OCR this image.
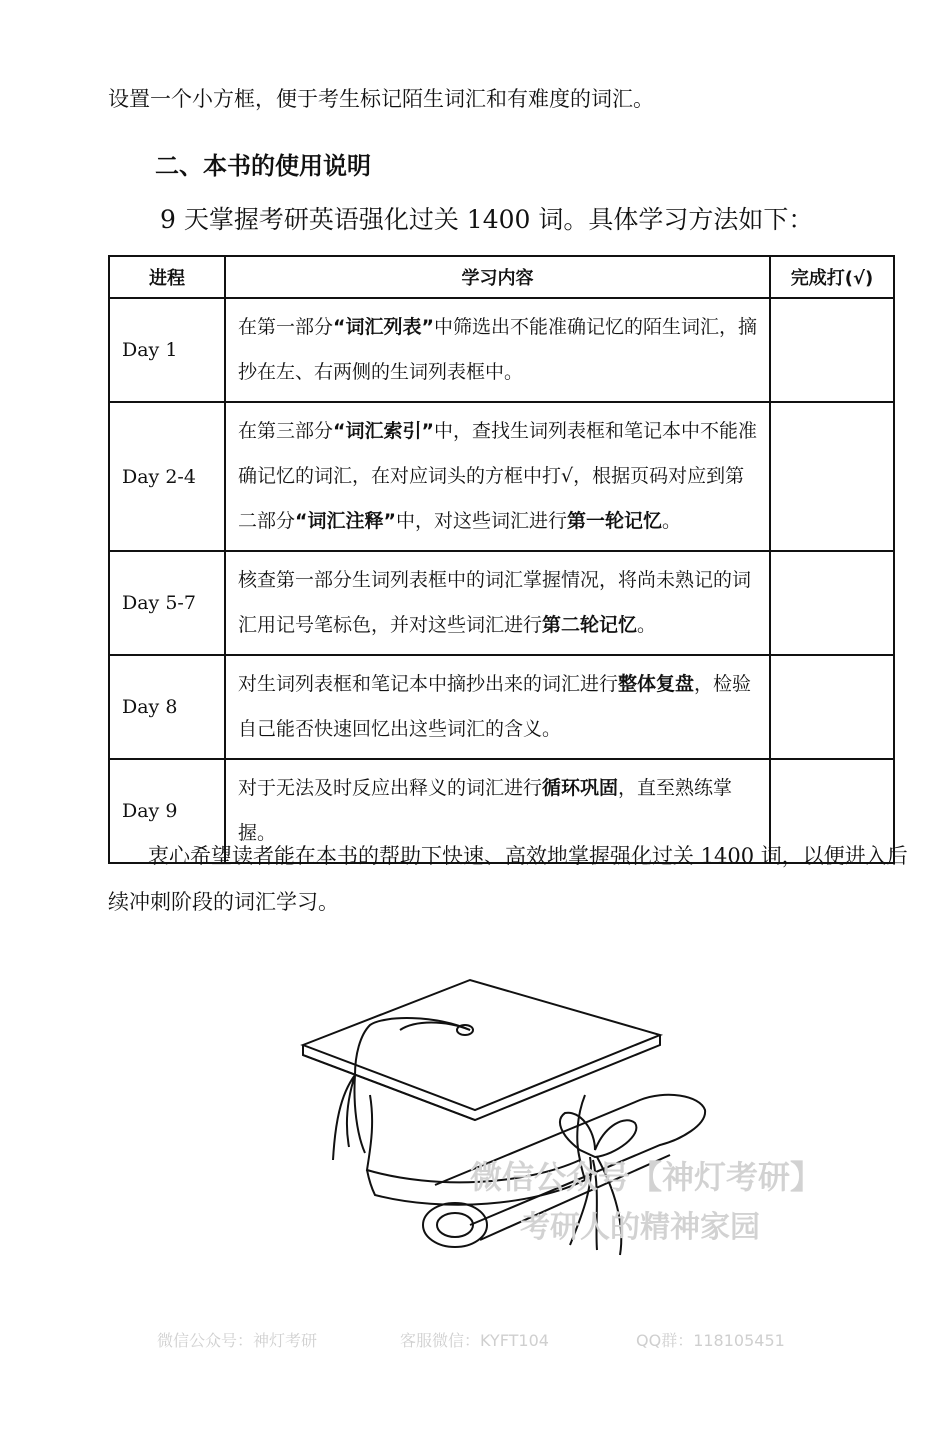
设置一个小方框，便于考生标记陌生词汇和有难度的词汇。

二、本书的使用说明

9 天掌握考研英语强化过关 1400 词。具体学习方法如下：

进程	学习内容	完成打(√)
Day 1	在第一部分“词汇列表”中筛选出不能准确记忆的陌生词汇，摘抄在左、右两侧的生词列表框中。	
Day 2-4	在第三部分“词汇索引”中，查找生词列表框和笔记本中不能准确记忆的词汇，在对应词头的方框中打√，根据页码对应到第二部分“词汇注释”中，对这些词汇进行第一轮记忆。	
Day 5-7	核查第一部分生词列表框中的词汇掌握情况，将尚未熟记的词汇用记号笔标色，并对这些词汇进行第二轮记忆。	
Day 8	对生词列表框和笔记本中摘抄出来的词汇进行整体复盘，检验自己能否快速回忆出这些词汇的含义。	
Day 9	对于无法及时反应出释义的词汇进行循环巩固，直至熟练掌握。	

衷心希望读者能在本书的帮助下快速、高效地掌握强化过关 1400 词，以便进入后续冲刺阶段的词汇学习。

微信公众号【神灯考研】
考研人的精神家园
微信公众号：神灯考研	客服微信：KYFT104	QQ群：118105451
